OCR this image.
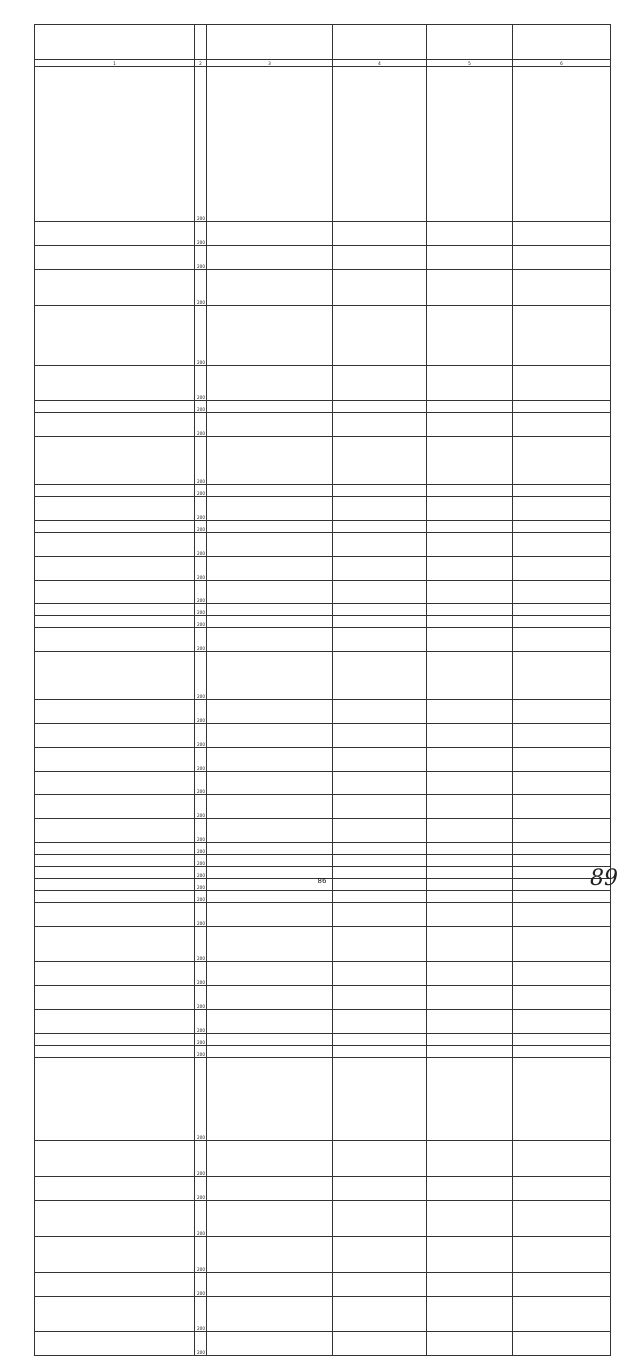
1	2	3	4	5	6
	200				
	200				
	200				
	200				
	200				
	200				
	200				
	200				
	200				
	200				
	200				
	200				
	200				
	200				
	200				
	200				
	200				
	200				
	200				
	200				
	200				
	200				
	200				
	200				
	200				
	200				
	200				
	200				
	200				
	200				
	200				
	200				
	200				
	200				
	200				
	200				
	200				
	200				
	200				
	200				
	200				
	200				
	200				
	200				
	200				
86	89
